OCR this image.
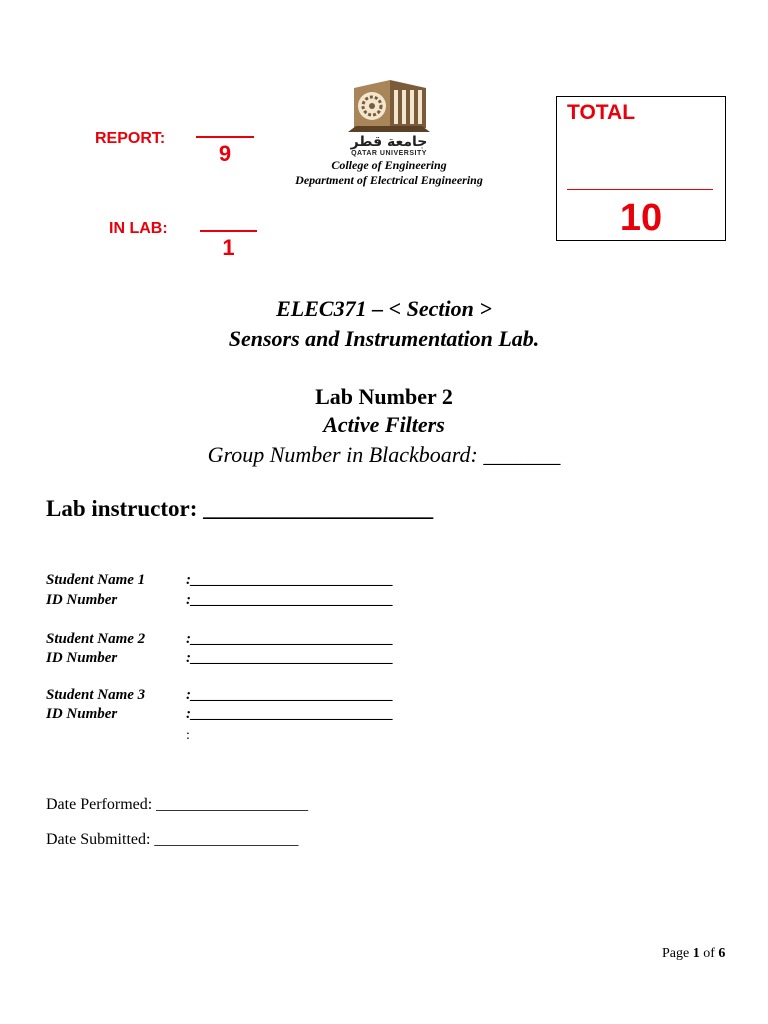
REPORT:
9
IN LAB:
1
جامعة قطر
QATAR UNIVERSITY
College of Engineering
Department of Electrical Engineering
TOTAL
10
ELEC371 – < Section >
Sensors and Instrumentation Lab.
Lab Number 2
Active Filters
Group Number in Blackboard: _______
Lab instructor: ____________________
Student Name 1	:___________________________
ID Number	:___________________________
Student Name 2	:___________________________
ID Number	:___________________________
Student Name 3	:___________________________
ID Number	:___________________________
:
Date Performed: ___________________
Date Submitted: __________________
Page 1 of 6
